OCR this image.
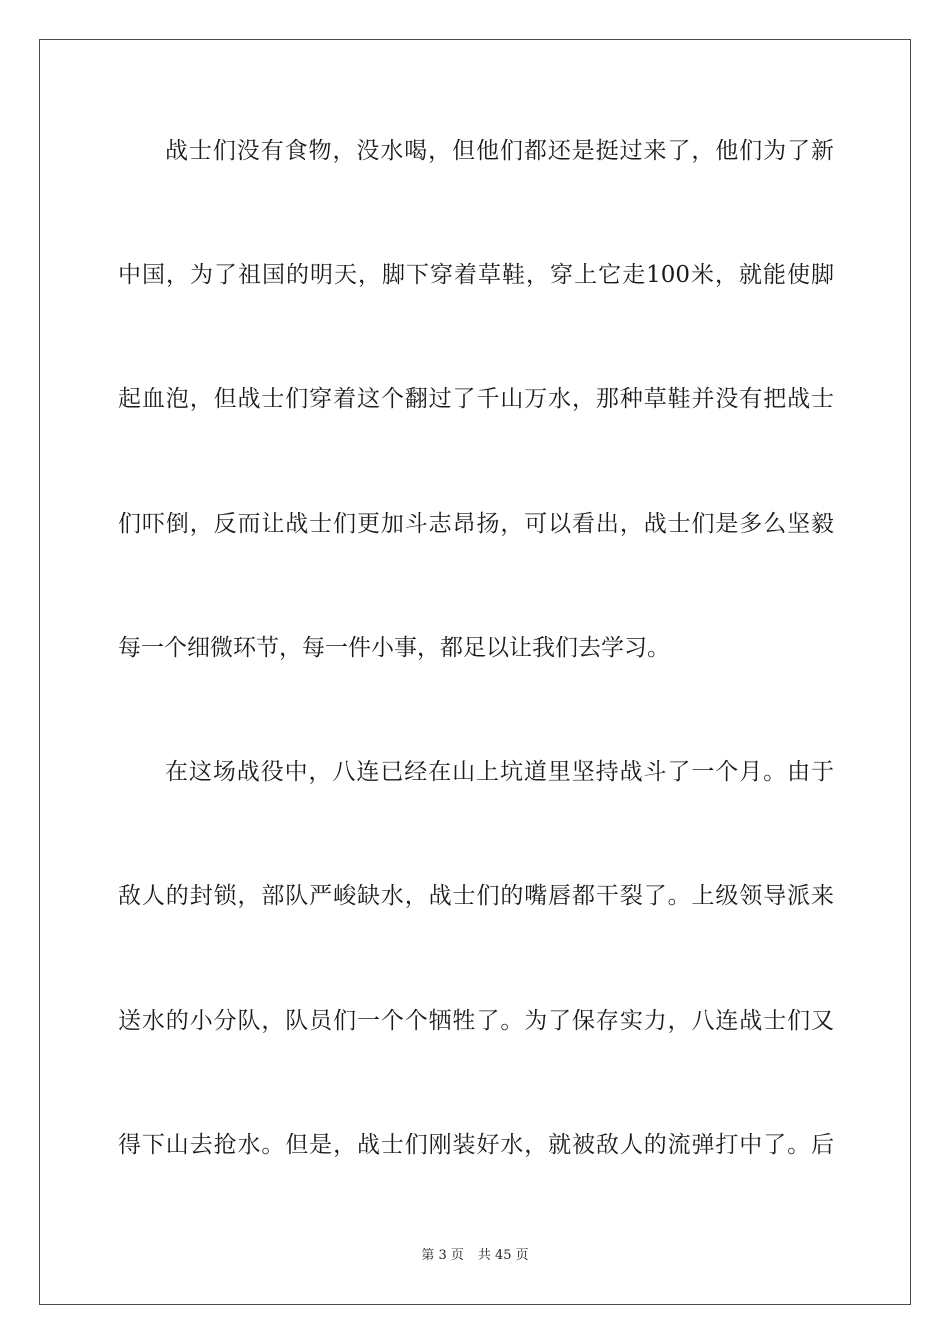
战士们没有食物，没水喝，但他们都还是挺过来了，他们为了新
中国，为了祖国的明天，脚下穿着草鞋，穿上它走100米，就能使脚
起血泡，但战士们穿着这个翻过了千山万水，那种草鞋并没有把战士
们吓倒，反而让战士们更加斗志昂扬，可以看出，战士们是多么坚毅
每一个细微环节，每一件小事，都足以让我们去学习。
在这场战役中，八连已经在山上坑道里坚持战斗了一个月。由于
敌人的封锁，部队严峻缺水，战士们的嘴唇都干裂了。上级领导派来
送水的小分队，队员们一个个牺牲了。为了保存实力，八连战士们又
得下山去抢水。但是，战士们刚装好水，就被敌人的流弹打中了。后
第 3 页 共 45 页
